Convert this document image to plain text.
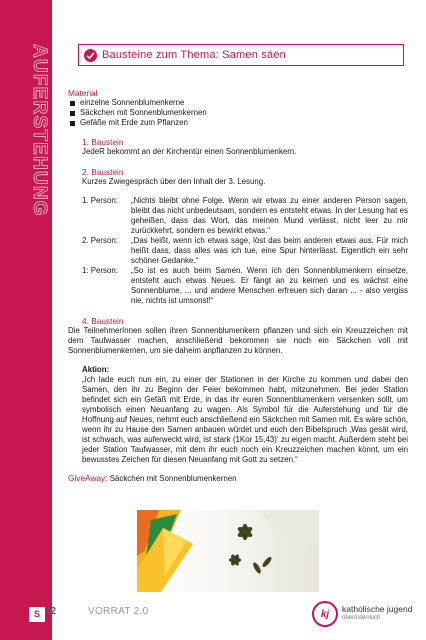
AUFERSTEHUNG	Bausteine zum Thema: Samen säen
Material
einzelne Sonnenblumenkerne
Säckchen mit Sonnenblumenkernen
Gefäße mit Erde zum Pflanzen
1. Baustein
JedeR bekommt an der Kirchentür einen Sonnenblumenkern.
2. Baustein
Kurzes Zwiegespräch über den Inhalt der 3. Lesung.
1. Person:	„Nichts bleibt ohne Folge. Wenn wir etwas zu einer anderen Person sagen, bleibt das nicht unbedeutsam, sondern es entsteht etwas. In der Lesung hat es geheißen, dass das Wort, das meinen Mund verlässt, nicht leer zu mir zurückkehrt, sondern es bewirkt etwas.“
2. Person:	„Das heißt, wenn ich etwas sage, löst das beim anderen etwas aus. Für mich heißt dass, dass alles was ich tue, eine Spur hinterlässt. Eigentlich ein sehr schöner Gedanke.“
1: Person:	„So ist es auch beim Samen. Wenn ich den Sonnenblumenkern einsetze, entsteht auch etwas Neues. Er fängt an zu keimen und es wächst eine Sonnenblume, ... und andere Menschen erfreuen sich daran ... - also vergiss nie, nichts ist umsonst!“
4. Baustein
Die TeilnehmerInnen sollen ihren Sonnenblumenkern pflanzen und sich ein Kreuzzeichen mit dem Taufwasser machen, anschließend bekommen sie noch ein Säckchen voll mit Sonnenblumenkernen, um sie daheim anpflanzen zu können.
Aktion:
„Ich lade euch nun ein, zu einer der Stationen in der Kirche zu kommen und dabei den Samen, den ihr zu Beginn der Feier bekommen habt, mitzunehmen. Bei jeder Station befindet sich ein Gefäß mit Erde, in das ihr euren Sonnenblumenkern versenken sollt, um symbolisch einen Neuanfang zu wagen. Als Symbol für die Auferstehung und für die Hoffnung auf Neues, nehmt euch anschließend ein Säckchen mit Samen mit. Es wäre schön, wenn ihr zu Hause den Samen anbauen würdet und euch den Bibelspruch ‚Was gesät wird, ist schwach, was auferweckt wird, ist stark (1Kor 15,43)‘ zu eigen macht. Außerdem steht bei jeder Station Taufwasser, mit dem ihr euch noch ein Kreuzzeichen machen könnt, um ein bewusstes Zeichen für diesen Neuanfang mit Gott zu setzen.“
GiveAway: Säckchen mit Sonnenblumenkernen
S 42	VORRAT 2.0	kj	katholische jugend
oberösterreich
